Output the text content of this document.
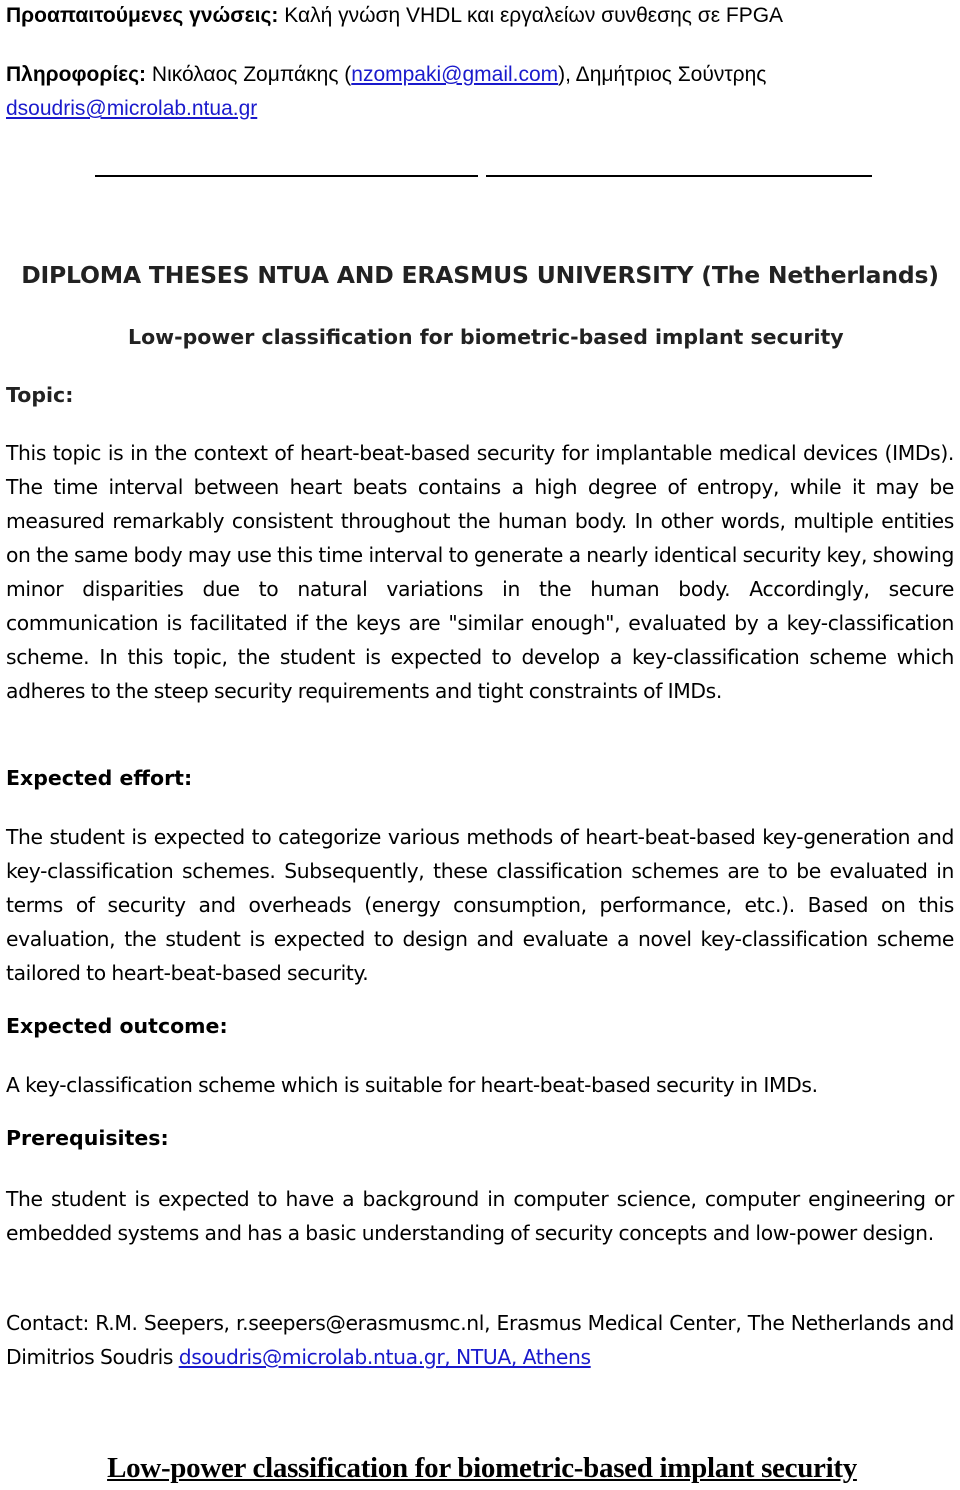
Προαπαιτούμενες γνώσεις: Καλή γνώση VHDL και εργαλείων συνθεσης σε FPGA
Πληροφορίες: Νικόλαος Ζομπάκης (nzompaki@gmail.com), Δημήτριος Σούντρης
dsoudris@microlab.ntua.gr
DIPLOMA THESES NTUA AND ERASMUS UNIVERSITY (The Netherlands)
Low-power classification for biometric-based implant security
Topic:
This topic is in the context of heart-beat-based security for implantable medical devices (IMDs). The time interval between heart beats contains a high degree of entropy, while it may be measured remarkably consistent throughout the human body. In other words, multiple entities on the same body may use this time interval to generate a nearly identical security key, showing minor disparities due to natural variations in the human body. Accordingly, secure communication is facilitated if the keys are "similar enough", evaluated by a key-classification scheme. In this topic, the student is expected to develop a key-classification scheme which adheres to the steep security requirements and tight constraints of IMDs.
Expected effort:
The student is expected to categorize various methods of heart-beat-based key-generation and key-classification schemes. Subsequently, these classification schemes are to be evaluated in terms of security and overheads (energy consumption, performance, etc.). Based on this evaluation, the student is expected to design and evaluate a novel key-classification scheme tailored to heart-beat-based security.
Expected outcome:
A key-classification scheme which is suitable for heart-beat-based security in IMDs.
Prerequisites:
The student is expected to have a background in computer science, computer engineering or embedded systems and has a basic understanding of security concepts and low-power design.
Contact: R.M. Seepers, r.seepers@erasmusmc.nl, Erasmus Medical Center, The Netherlands and Dimitrios Soudris dsoudris@microlab.ntua.gr, NTUA, Athens
Low-power classification for biometric-based implant security
